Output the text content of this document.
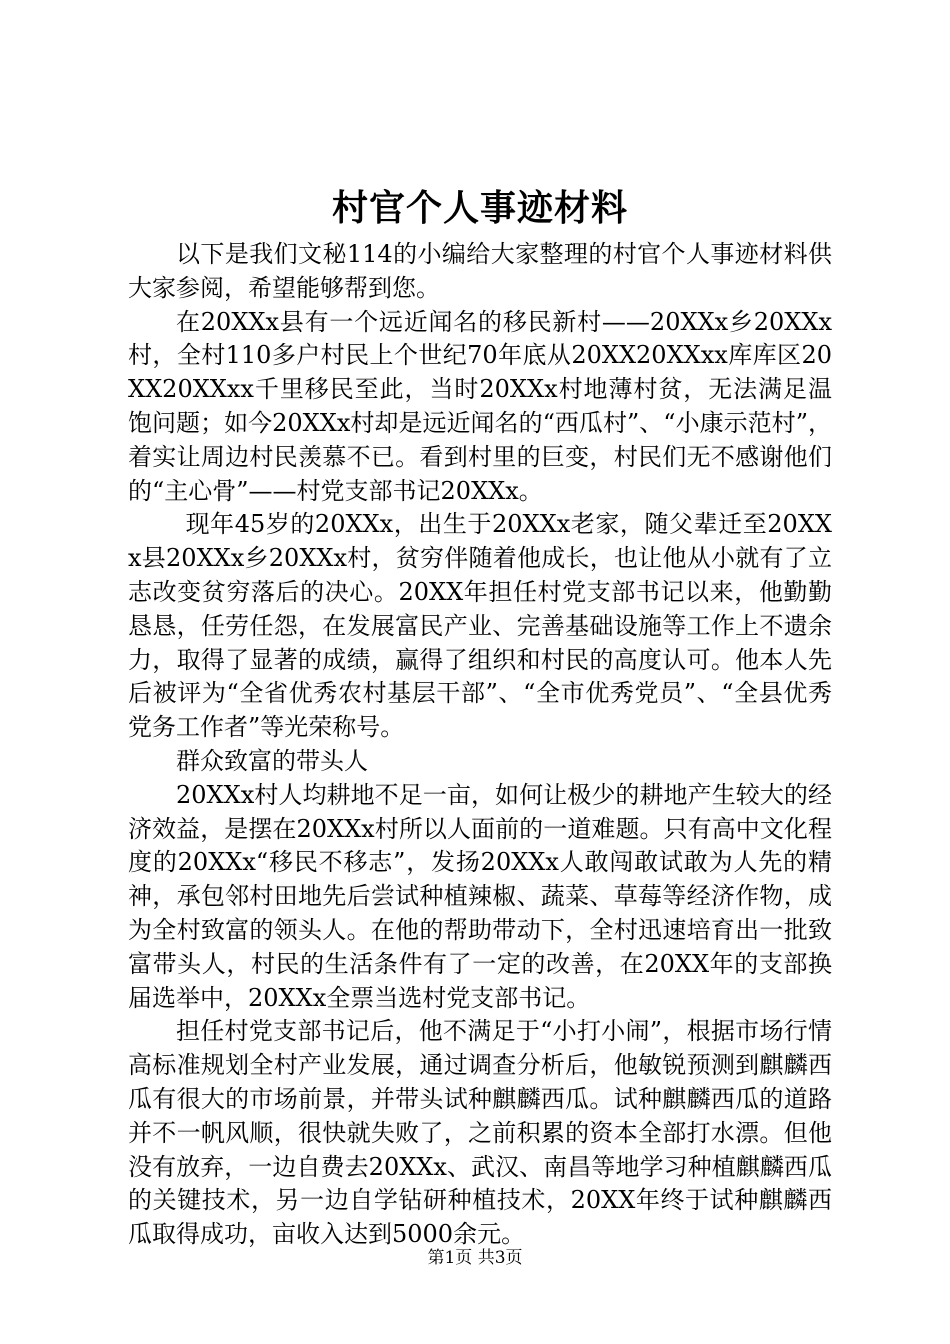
村官个人事迹材料

以下是我们文秘114的小编给大家整理的村官个人事迹材料供大家参阅，希望能够帮到您。

在20XXx县有一个远近闻名的移民新村——20XXx乡20XXx村，全村110多户村民上个世纪70年底从20XX20XXxx库库区20XX20XXxx千里移民至此，当时20XXx村地薄村贫，无法满足温饱问题；如今20XXx村却是远近闻名的“西瓜村”、“小康示范村”，着实让周边村民羡慕不已。看到村里的巨变，村民们无不感谢他们的“主心骨”——村党支部书记20XXx。

现年45岁的20XXx，出生于20XXx老家，随父辈迁至20XXx县20XXx乡20XXx村，贫穷伴随着他成长，也让他从小就有了立志改变贫穷落后的决心。20XX年担任村党支部书记以来，他勤勤恳恳，任劳任怨，在发展富民产业、完善基础设施等工作上不遗余力，取得了显著的成绩，赢得了组织和村民的高度认可。他本人先后被评为“全省优秀农村基层干部”、“全市优秀党员”、“全县优秀党务工作者”等光荣称号。

群众致富的带头人

20XXx村人均耕地不足一亩，如何让极少的耕地产生较大的经济效益，是摆在20XXx村所以人面前的一道难题。只有高中文化程度的20XXx“移民不移志”，发扬20XXx人敢闯敢试敢为人先的精神，承包邻村田地先后尝试种植辣椒、蔬菜、草莓等经济作物，成为全村致富的领头人。在他的帮助带动下，全村迅速培育出一批致富带头人，村民的生活条件有了一定的改善，在20XX年的支部换届选举中，20XXx全票当选村党支部书记。

担任村党支部书记后，他不满足于“小打小闹”，根据市场行情高标准规划全村产业发展，通过调查分析后，他敏锐预测到麒麟西瓜有很大的市场前景，并带头试种麒麟西瓜。试种麒麟西瓜的道路并不一帆风顺，很快就失败了，之前积累的资本全部打水漂。但他没有放弃，一边自费去20XXx、武汉、南昌等地学习种植麒麟西瓜的关键技术，另一边自学钻研种植技术，20XX年终于试种麒麟西瓜取得成功，亩收入达到5000余元。

第1页 共3页
